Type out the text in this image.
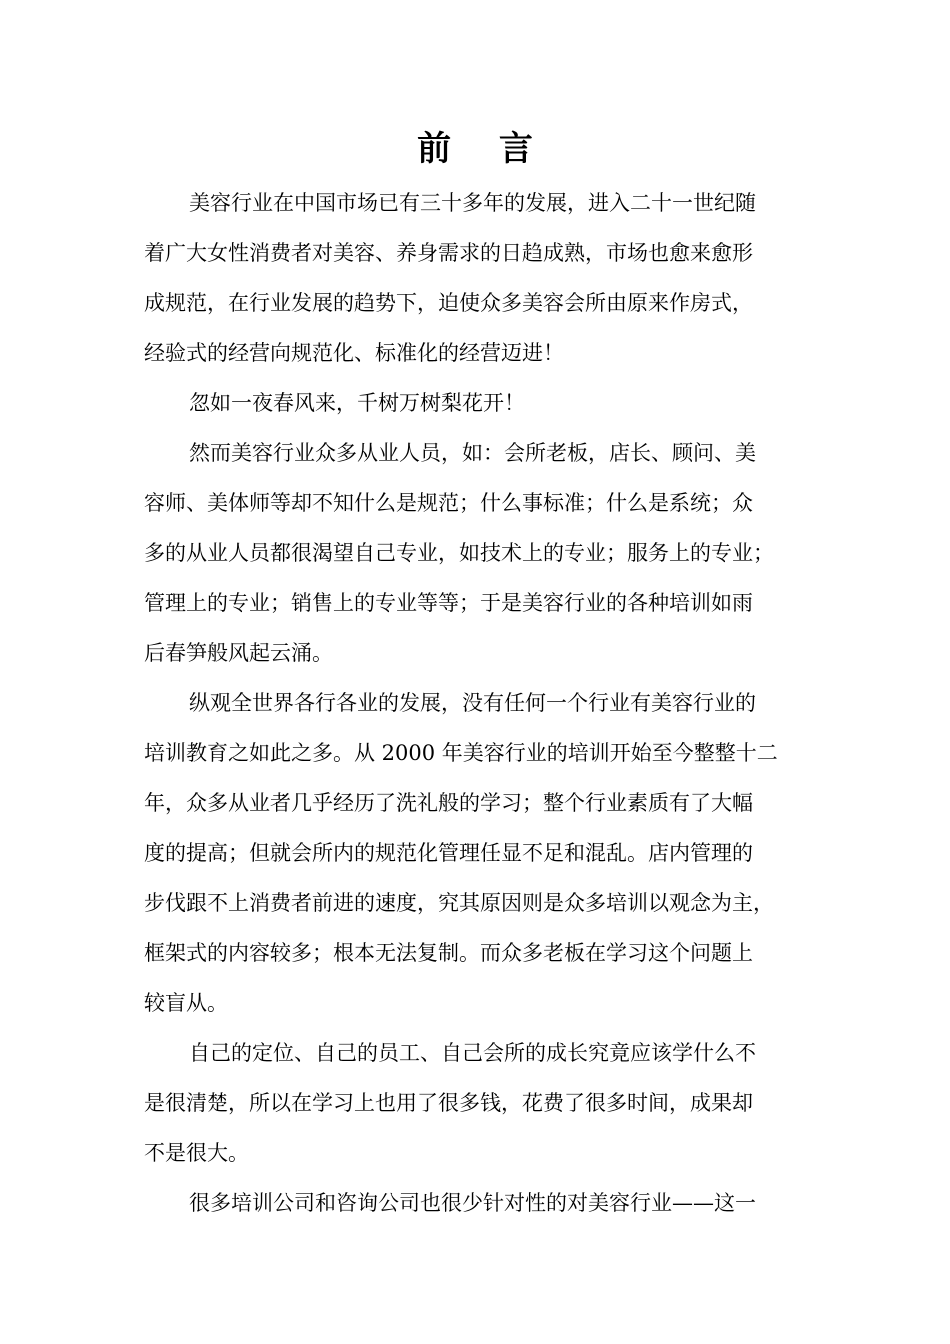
前 言

美容行业在中国市场已有三十多年的发展，进入二十一世纪随
着广大女性消费者对美容、养身需求的日趋成熟，市场也愈来愈形
成规范，在行业发展的趋势下，迫使众多美容会所由原来作房式，
经验式的经营向规范化、标准化的经营迈进！

忽如一夜春风来，千树万树梨花开！

然而美容行业众多从业人员，如：会所老板，店长、顾问、美
容师、美体师等却不知什么是规范；什么事标准；什么是系统；众
多的从业人员都很渴望自己专业，如技术上的专业；服务上的专业；
管理上的专业；销售上的专业等等；于是美容行业的各种培训如雨
后春笋般风起云涌。

纵观全世界各行各业的发展，没有任何一个行业有美容行业的
培训教育之如此之多。从 2000 年美容行业的培训开始至今整整十二
年，众多从业者几乎经历了洗礼般的学习；整个行业素质有了大幅
度的提高；但就会所内的规范化管理任显不足和混乱。店内管理的
步伐跟不上消费者前进的速度，究其原因则是众多培训以观念为主，
框架式的内容较多；根本无法复制。而众多老板在学习这个问题上
较盲从。

自己的定位、自己的员工、自己会所的成长究竟应该学什么不
是很清楚，所以在学习上也用了很多钱，花费了很多时间，成果却
不是很大。

很多培训公司和咨询公司也很少针对性的对美容行业——这一
